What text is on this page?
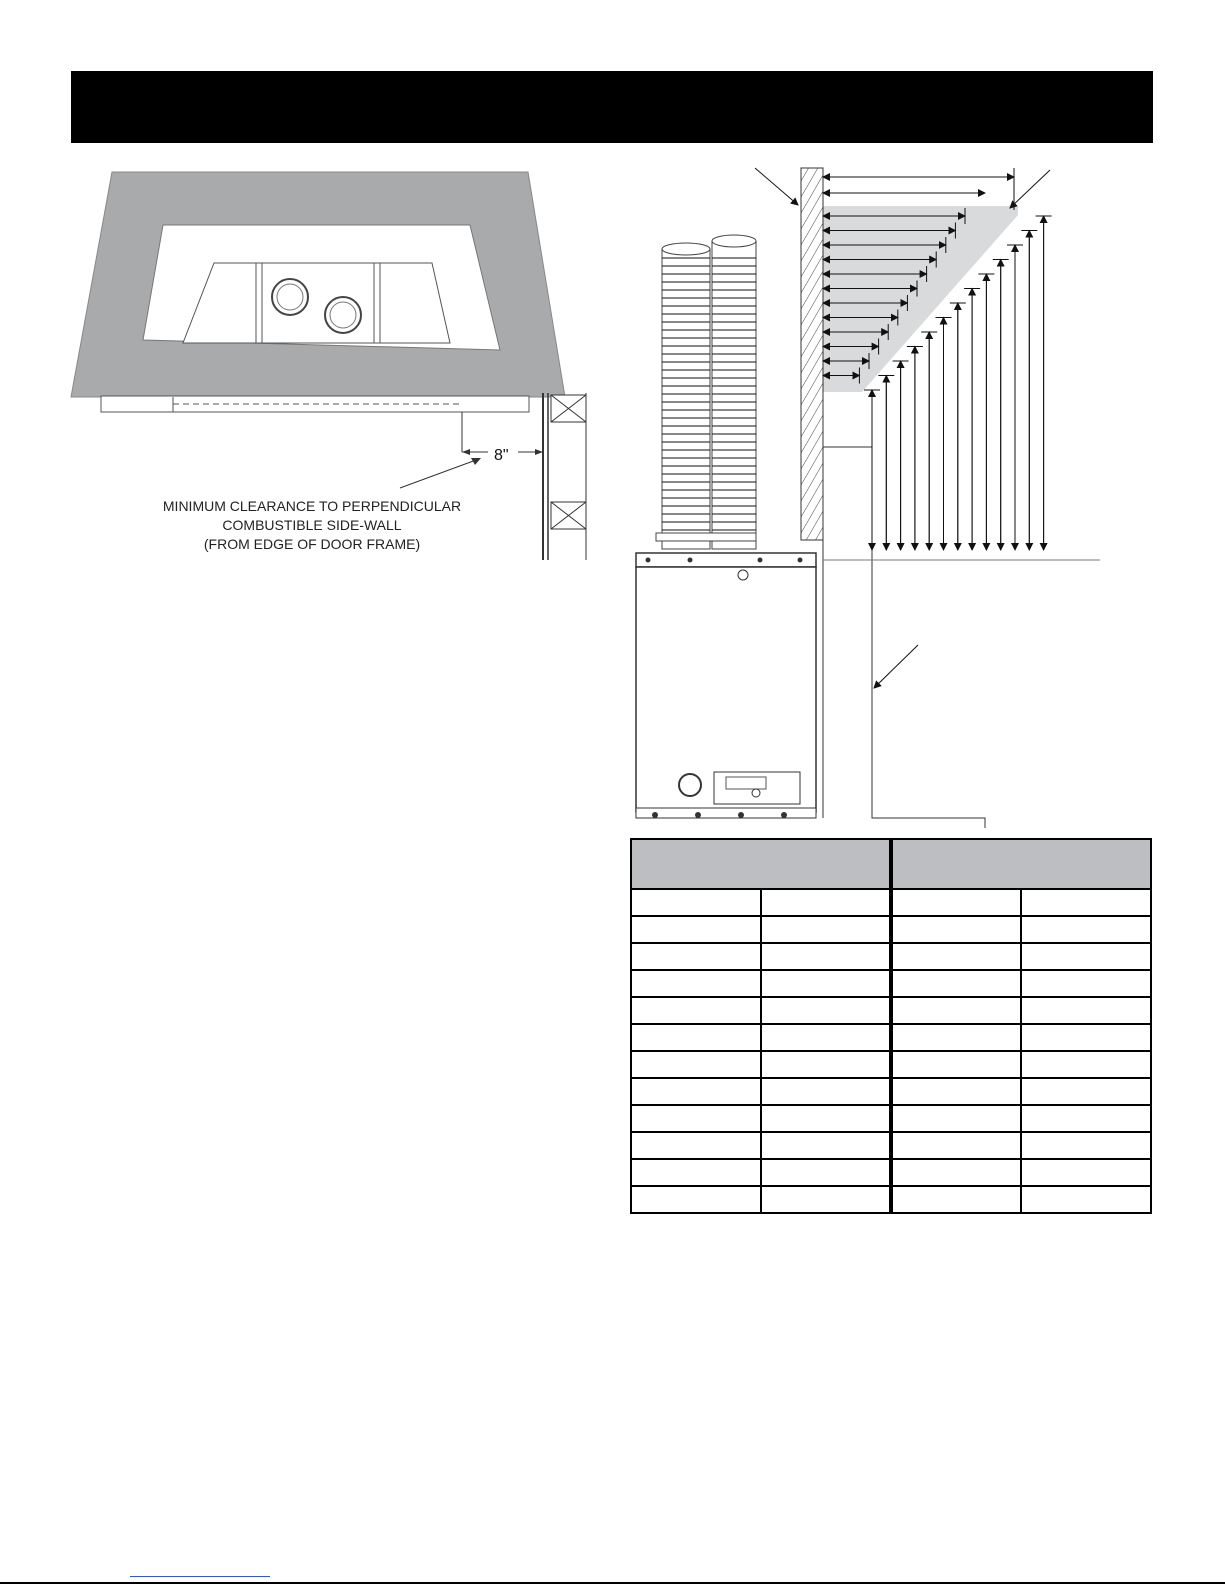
8"
MINIMUM CLEARANCE TO PERPENDICULAR
COMBUSTIBLE SIDE-WALL
(FROM EDGE OF DOOR FRAME)
